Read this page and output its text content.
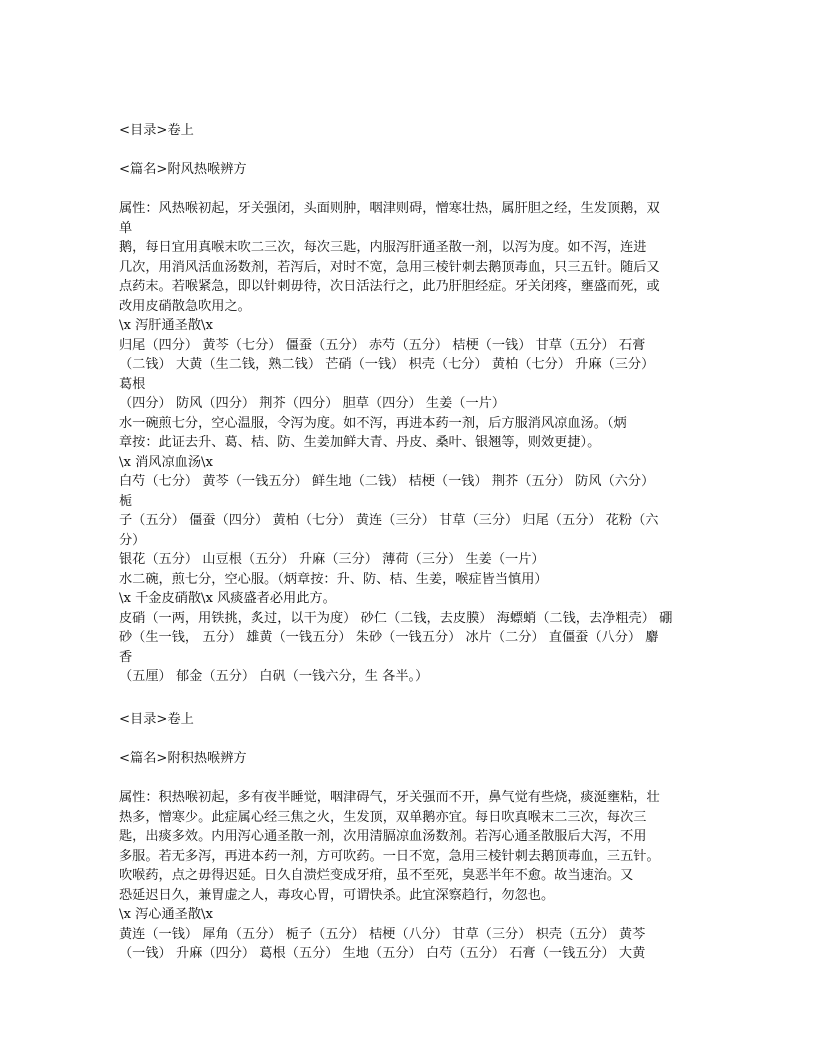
<目录>卷上
<篇名>附风热喉辨方
属性：风热喉初起，牙关强闭，头面则肿，咽津则碍，憎寒壮热，属肝胆之经，生发顶鹅，双
单
鹅，每日宜用真喉末吹二三次，每次三匙，内服泻肝通圣散一剂，以泻为度。如不泻，连进
几次，用消风活血汤数剂，若泻后，对时不宽，急用三棱针刺去鹅顶毒血，只三五针。随后又
点药末。若喉紧急，即以针刺毋待，次日活法行之，此乃肝胆经症。牙关闭疼，壅盛而死，或
改用皮硝散急吹用之。
\x 泻肝通圣散\x
归尾（四分） 黄芩（七分） 僵蚕（五分） 赤芍（五分） 桔梗（一钱） 甘草（五分） 石膏
（二钱） 大黄（生二钱，熟二钱） 芒硝（一钱） 枳壳（七分） 黄柏（七分） 升麻（三分）
葛根
（四分） 防风（四分） 荆芥（四分） 胆草（四分） 生姜（一片）
水一碗煎七分，空心温服，令泻为度。如不泻，再进本药一剂，后方服消风凉血汤。（炳
章按：此证去升、葛、桔、防、生姜加鲜大青、丹皮、桑叶、银翘等，则效更捷）。
\x 消风凉血汤\x
白芍（七分） 黄芩（一钱五分） 鲜生地（二钱） 桔梗（一钱） 荆芥（五分） 防风（六分）
栀
子（五分） 僵蚕（四分） 黄柏（七分） 黄连（三分） 甘草（三分） 归尾（五分） 花粉（六
分）
银花（五分） 山豆根（五分） 升麻（三分） 薄荷（三分） 生姜（一片）
水二碗，煎七分，空心服。（炳章按：升、防、桔、生姜，喉症皆当慎用）
\x 千金皮硝散\x 风痰盛者必用此方。
皮硝（一两，用铁挑，炙过，以干为度） 砂仁（二钱，去皮膜） 海螵蛸（二钱，去净粗壳） 硼
砂（生一钱， 五分） 雄黄（一钱五分） 朱砂（一钱五分） 冰片（二分） 直僵蚕（八分） 麝
香
（五厘） 郁金（五分） 白矾（一钱六分，生 各半。）
<目录>卷上
<篇名>附积热喉辨方
属性：积热喉初起，多有夜半睡觉，咽津碍气，牙关强而不开，鼻气觉有些烧，痰涎壅粘，壮
热多，憎寒少。此症属心经三焦之火，生发顶，双单鹅亦宜。每日吹真喉末二三次，每次三
匙，出痰多效。内用泻心通圣散一剂，次用清膈凉血汤数剂。若泻心通圣散服后大泻，不用
多服。若无多泻，再进本药一剂，方可吹药。一日不宽，急用三棱针刺去鹅顶毒血，三五针。
吹喉药，点之毋得迟延。日久自溃烂变成牙疳，虽不至死，臭恶半年不愈。故当速治。又
恐延迟日久，兼胃虚之人，毒攻心胃，可谓快杀。此宜深察趋行，勿忽也。
\x 泻心通圣散\x
黄连（一钱） 犀角（五分） 栀子（五分） 桔梗（八分） 甘草（三分） 枳壳（五分） 黄芩
（一钱） 升麻（四分） 葛根（五分） 生地（五分） 白芍（五分） 石膏（一钱五分） 大黄
